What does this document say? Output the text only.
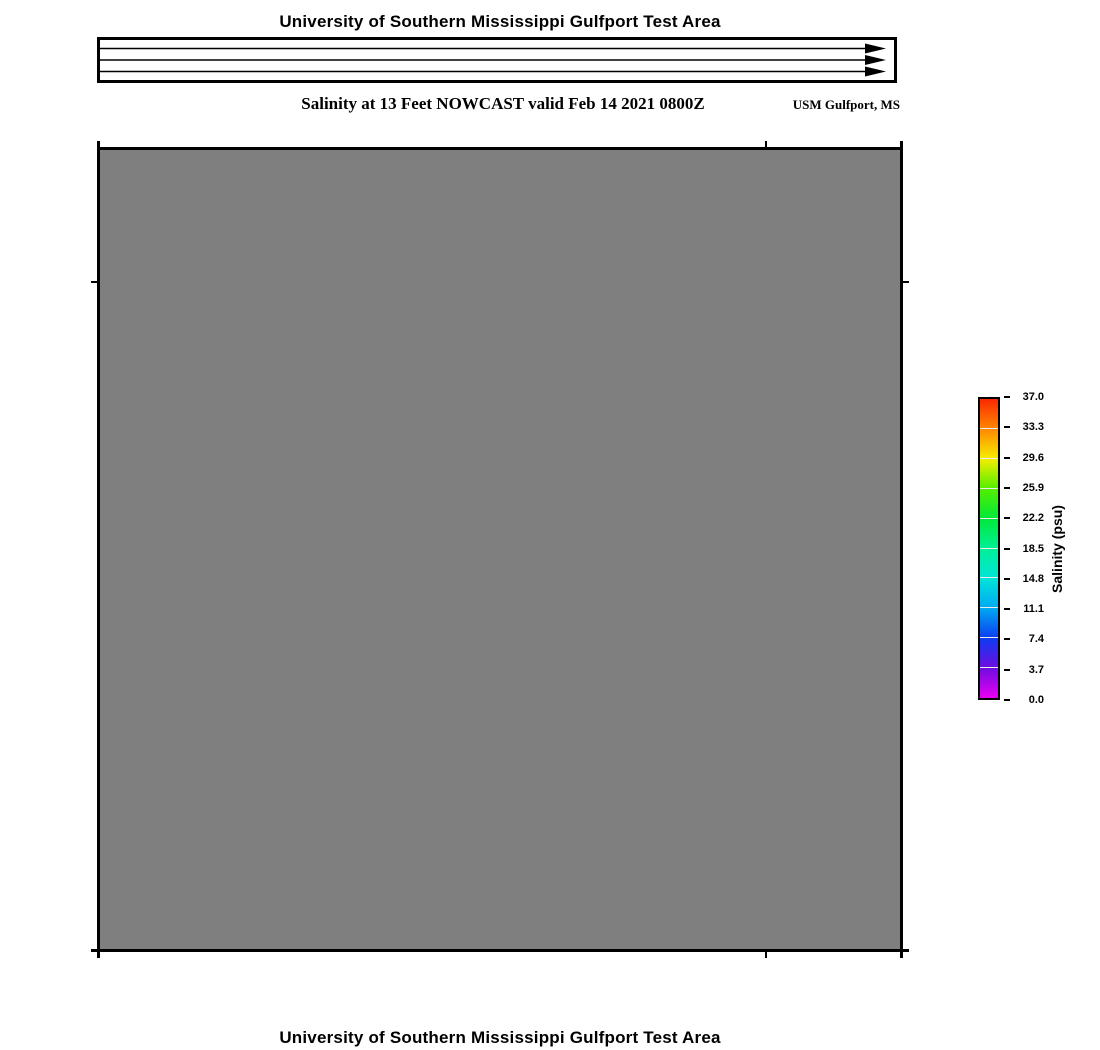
University of Southern Mississippi Gulfport Test Area
Salinity at 13 Feet NOWCAST valid Feb 14 2021 0800Z	USM Gulfport, MS
37.0
33.3
29.6
25.9
22.2
18.5
14.8
11.1
7.4
3.7
0.0
Salinity (psu)
University of Southern Mississippi Gulfport Test Area
